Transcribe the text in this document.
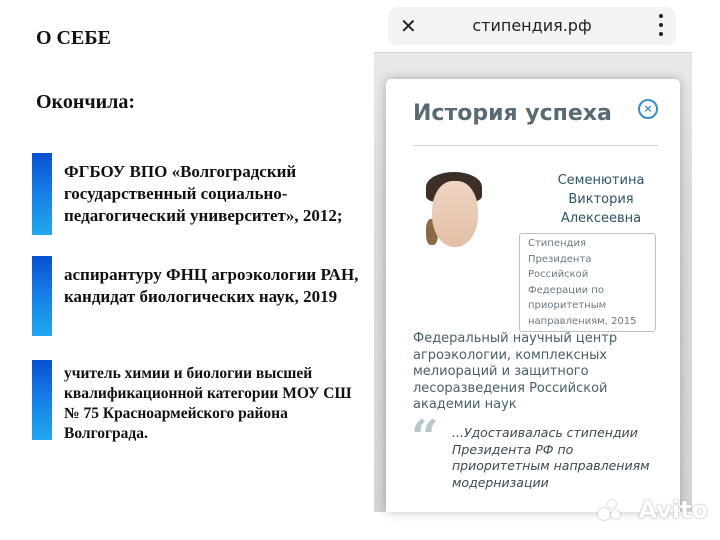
О СЕБЕ
Окончила:
ФГБОУ ВПО «Волгоградский государственный социально-педагогический университет», 2012;
аспирантуру ФНЦ агроэкологии РАН, кандидат биологических наук, 2019
учитель химии и биологии высшей квалификационной категории МОУ СШ № 75 Красноармейского района Волгограда.
✕	стипендия.рф
История успеха	×
Семенютина Виктория Алексеевна
Стипендия Президента Российской Федерации по приоритетным направлениям, 2015
Федеральный научный центр агроэкологии, комплексных мелиораций и защитного лесоразведения Российской академии наук
“ ...Удостаивалась стипендии Президента РФ по приоритетным направлениям модернизации
Avito
